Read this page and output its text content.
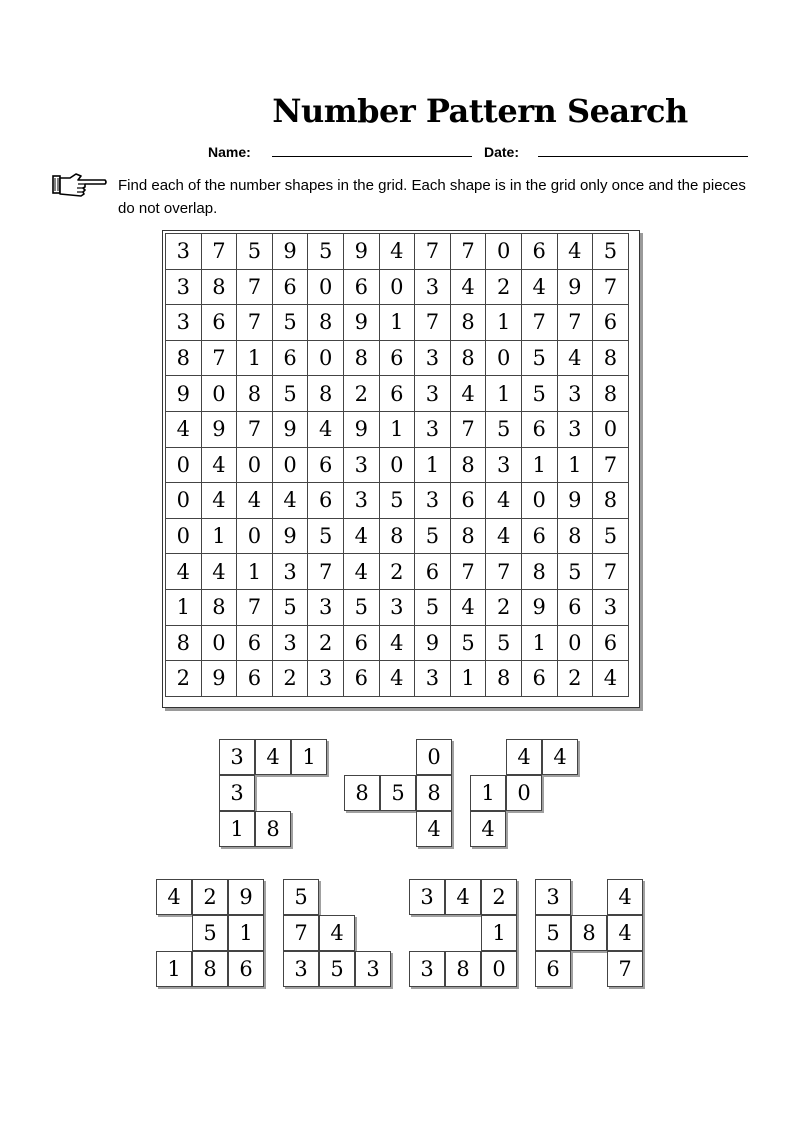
Number Pattern Search
Name:	Date:
Find each of the number shapes in the grid. Each shape is in the grid only once and the pieces do not overlap.
3	7	5	9	5	9	4	7	7	0	6	4	5
3	8	7	6	0	6	0	3	4	2	4	9	7
3	6	7	5	8	9	1	7	8	1	7	7	6
8	7	1	6	0	8	6	3	8	0	5	4	8
9	0	8	5	8	2	6	3	4	1	5	3	8
4	9	7	9	4	9	1	3	7	5	6	3	0
0	4	0	0	6	3	0	1	8	3	1	1	7
0	4	4	4	6	3	5	3	6	4	0	9	8
0	1	0	9	5	4	8	5	8	4	6	8	5
4	4	1	3	7	4	2	6	7	7	8	5	7
1	8	7	5	3	5	3	5	4	2	9	6	3
8	0	6	3	2	6	4	9	5	5	1	0	6
2	9	6	2	3	6	4	3	1	8	6	2	4
3	4	1
3
1	8
0
8	5	8
4
4	4
1	0
4
4	2	9
5	1
1	8	6
5
7	4
3	5	3
3	4	2
1
3	8	0
3	4
5	8	4
6	7
